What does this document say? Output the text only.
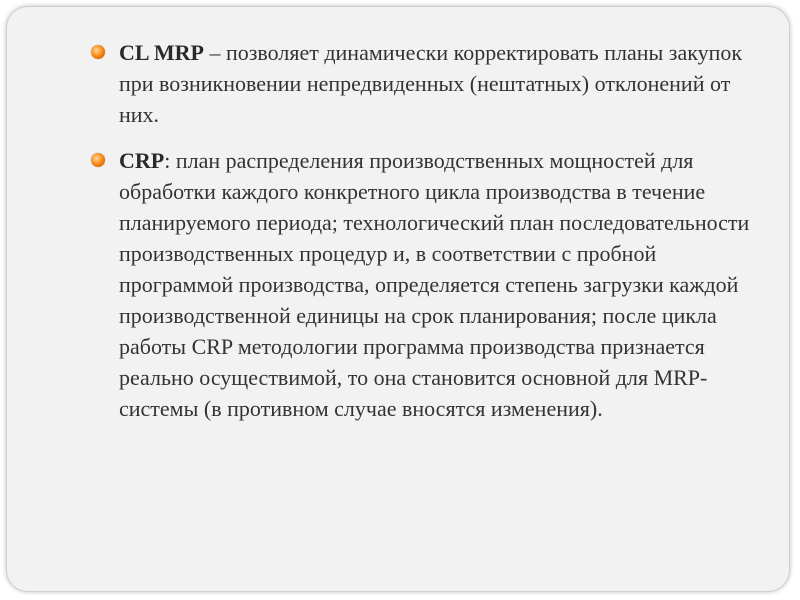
CL MRP – позволяет динамически корректировать планы закупок при возникновении непредвиденных (нештатных) отклонений от них.
CRP: план распределения производственных мощностей для обработки каждого конкретного цикла производства в течение планируемого периода; технологический план последовательности производственных процедур и, в соответствии с пробной программой производства, определяется степень загрузки каждой производственной единицы на срок планирования; после цикла работы CRP методологии программа производства признается реально осуществимой, то она становится основной для MRP-системы (в противном случае вносятся изменения).
